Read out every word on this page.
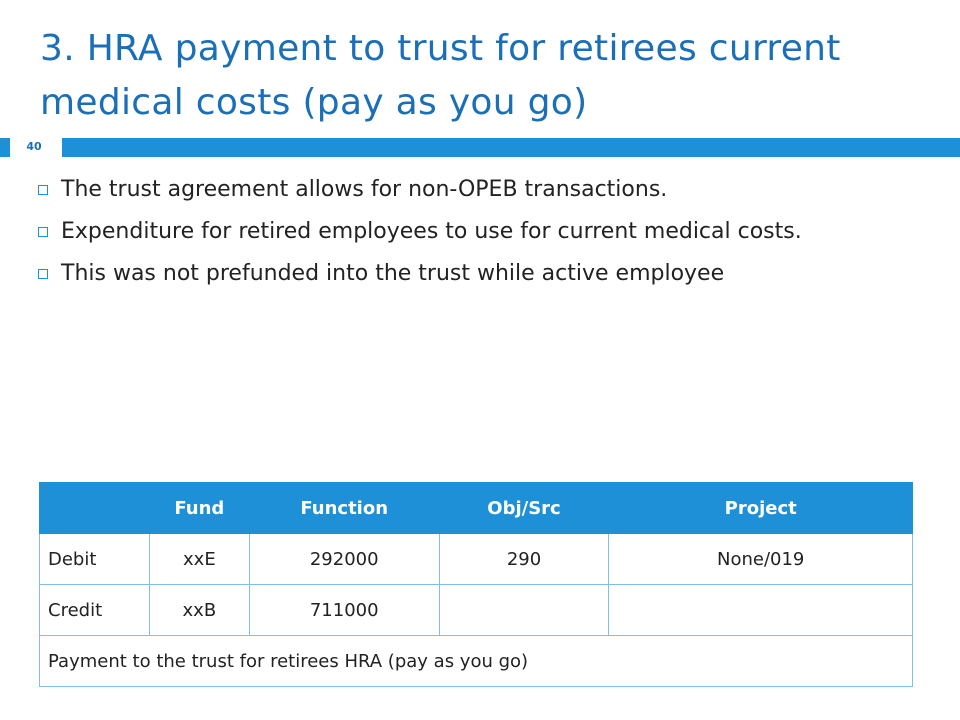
3. HRA payment to trust for retirees current medical costs (pay as you go)
40
The trust agreement allows for non-OPEB transactions.
Expenditure for retired employees to use for current medical costs.
This was not prefunded into the trust while active employee
	Fund	Function	Obj/Src	Project
Debit	xxE	292000	290	None/019
Credit	xxB	711000		
Payment to the trust for retirees HRA (pay as you go)				
